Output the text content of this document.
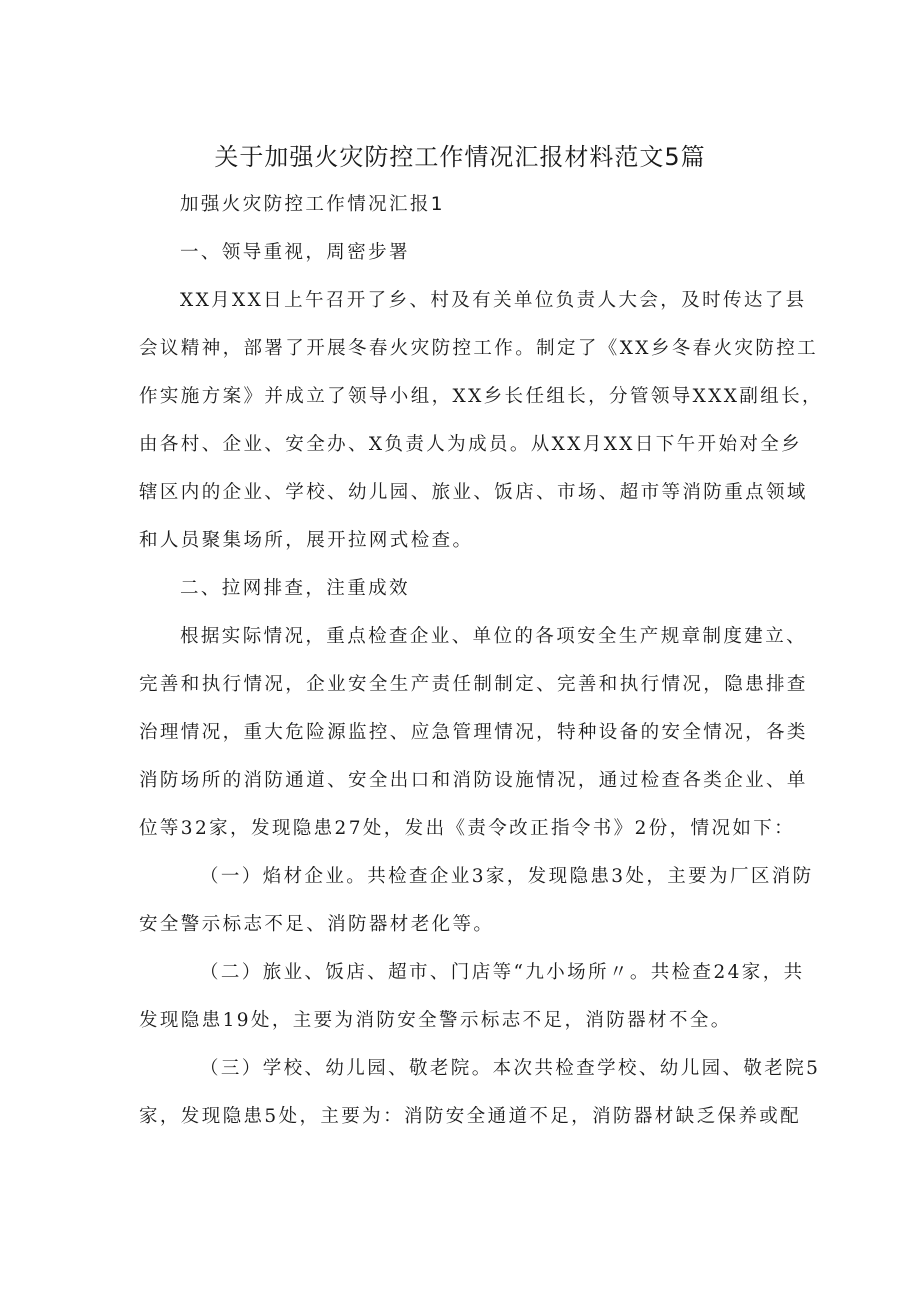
关于加强火灾防控工作情况汇报材料范文5篇
加强火灾防控工作情况汇报1
一、领导重视，周密步署
XX月XX日上午召开了乡、村及有关单位负责人大会，及时传达了县
会议精神，部署了开展冬春火灾防控工作。制定了《XX乡冬春火灾防控工
作实施方案》并成立了领导小组，XX乡长任组长，分管领导XXX副组长，
由各村、企业、安全办、X负责人为成员。从XX月XX日下午开始对全乡
辖区内的企业、学校、幼儿园、旅业、饭店、市场、超市等消防重点领域
和人员聚集场所，展开拉网式检查。
二、拉网排查，注重成效
根据实际情况，重点检查企业、单位的各项安全生产规章制度建立、
完善和执行情况，企业安全生产责任制制定、完善和执行情况，隐患排查
治理情况，重大危险源监控、应急管理情况，特种设备的安全情况，各类
消防场所的消防通道、安全出口和消防设施情况，通过检查各类企业、单
位等32家，发现隐患27处，发出《责令改正指令书》2份，情况如下：
（一）焰材企业。共检查企业3家，发现隐患3处，主要为厂区消防
安全警示标志不足、消防器材老化等。
（二）旅业、饭店、超市、门店等“九小场所〃。共检查24家，共
发现隐患19处，主要为消防安全警示标志不足，消防器材不全。
（三）学校、幼儿园、敬老院。本次共检查学校、幼儿园、敬老院5
家，发现隐患5处，主要为：消防安全通道不足，消防器材缺乏保养或配
